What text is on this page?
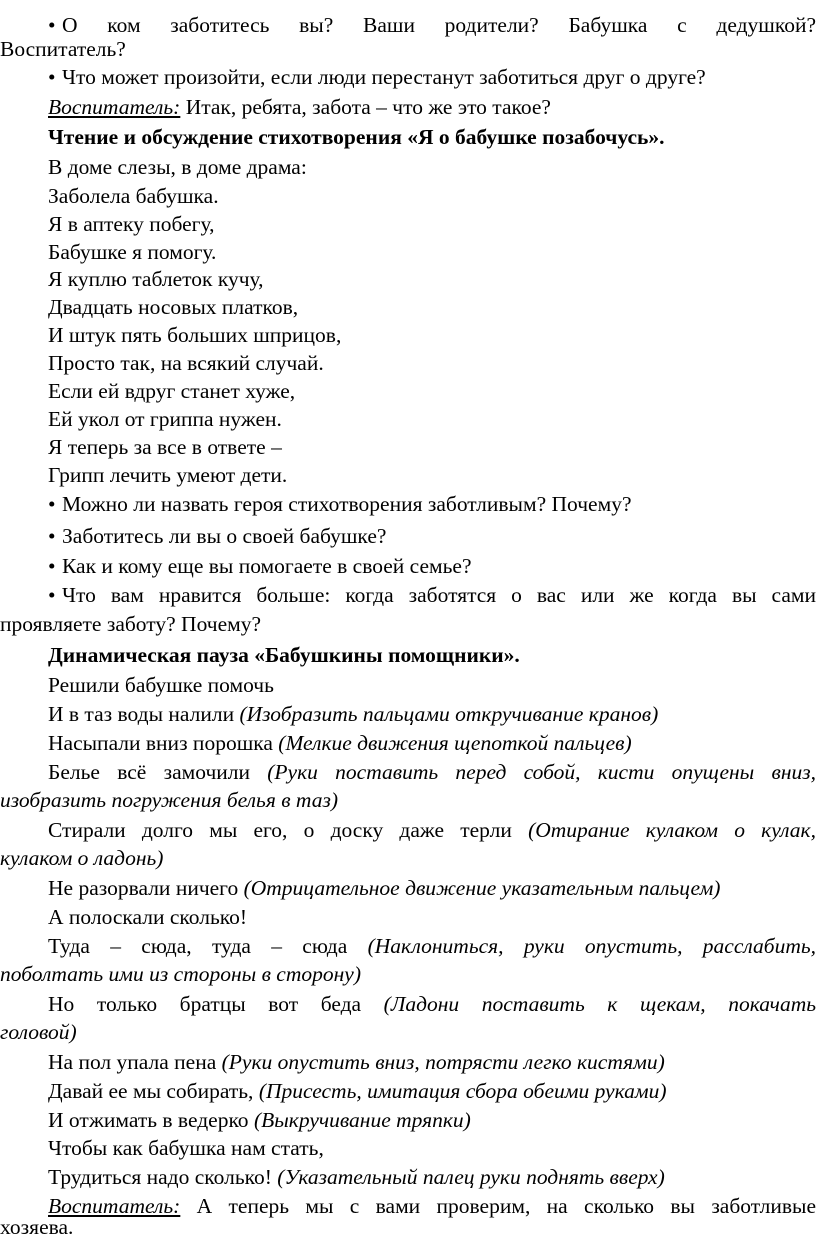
• О ком заботитесь вы? Ваши родители? Бабушка с дедушкой?
Воспитатель?
• Что может произойти, если люди перестанут заботиться друг о друге?
Воспитатель: Итак, ребята, забота – что же это такое?
Чтение и обсуждение стихотворения «Я о бабушке позабочусь».
В доме слезы, в доме драма:
Заболела бабушка.
Я в аптеку побегу,
Бабушке я помогу.
Я куплю таблеток кучу,
Двадцать носовых платков,
И штук пять больших шприцов,
Просто так, на всякий случай.
Если ей вдруг станет хуже,
Ей укол от гриппа нужен.
Я теперь за все в ответе –
Грипп лечить умеют дети.
• Можно ли назвать героя стихотворения заботливым? Почему?
• Заботитесь ли вы о своей бабушке?
• Как и кому еще вы помогаете в своей семье?
• Что вам нравится больше: когда заботятся о вас или же когда вы сами
проявляете заботу? Почему?
Динамическая пауза «Бабушкины помощники».
Решили бабушке помочь
И в таз воды налили (Изобразить пальцами откручивание кранов)
Насыпали вниз порошка (Мелкие движения щепоткой пальцев)
Белье всё замочили (Руки поставить перед собой, кисти опущены вниз,
изобразить погружения белья в таз)
Стирали долго мы его, о доску даже терли (Отирание кулаком о кулак,
кулаком о ладонь)
Не разорвали ничего (Отрицательное движение указательным пальцем)
А полоскали сколько!
Туда – сюда, туда – сюда (Наклониться, руки опустить, расслабить,
поболтать ими из стороны в сторону)
Но только братцы вот беда (Ладони поставить к щекам, покачать
головой)
На пол упала пена (Руки опустить вниз, потрясти легко кистями)
Давай ее мы собирать, (Присесть, имитация сбора обеими руками)
И отжимать в ведерко (Выкручивание тряпки)
Чтобы как бабушка нам стать,
Трудиться надо сколько! (Указательный палец руки поднять вверх)
Воспитатель: А теперь мы с вами проверим, на сколько вы заботливые
хозяева.
